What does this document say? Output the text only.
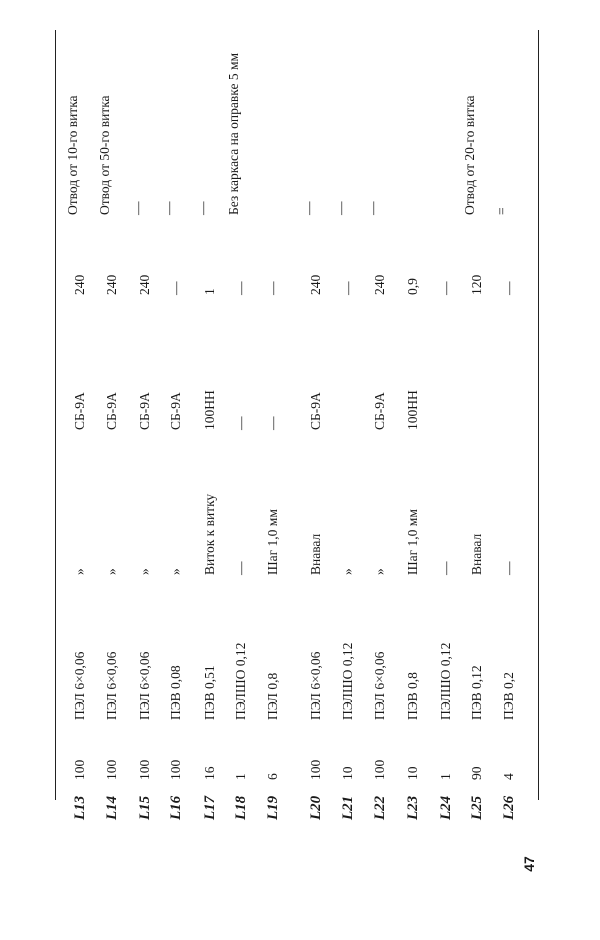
L13
100
ПЭЛ 6×0,06
»
СБ-9А
240
Отвод от 10-го витка
L14
100
ПЭЛ 6×0,06
»
СБ-9А
240
Отвод от 50-го витка
L15
100
ПЭЛ 6×0,06
»
СБ-9А
240
—
L16
100
ПЭВ 0,08
»
СБ-9А
—
—
L17
16
ПЭВ 0,51
Виток к витку
100НН
1
—
L18
1
ПЭЛШО 0,12
—
—
—
Без каркаса на оправке 5 мм
L19
6
ПЭЛ 0,8
Шаг 1,0 мм
—
—
L20
100
ПЭЛ 6×0,06
Внавал
СБ-9А
240
—
L21
10
ПЭЛШО 0,12
»
—
—
L22
100
ПЭЛ 6×0,06
»
СБ-9А
240
—
L23
10
ПЭВ 0,8
Шаг 1,0 мм
100НН
0,9
L24
1
ПЭЛШО 0,12
—
—
L25
90
ПЭВ 0,12
Внавал
120
Отвод от 20-го витка
L26
4
ПЭВ 0,2
—
—
=
47
